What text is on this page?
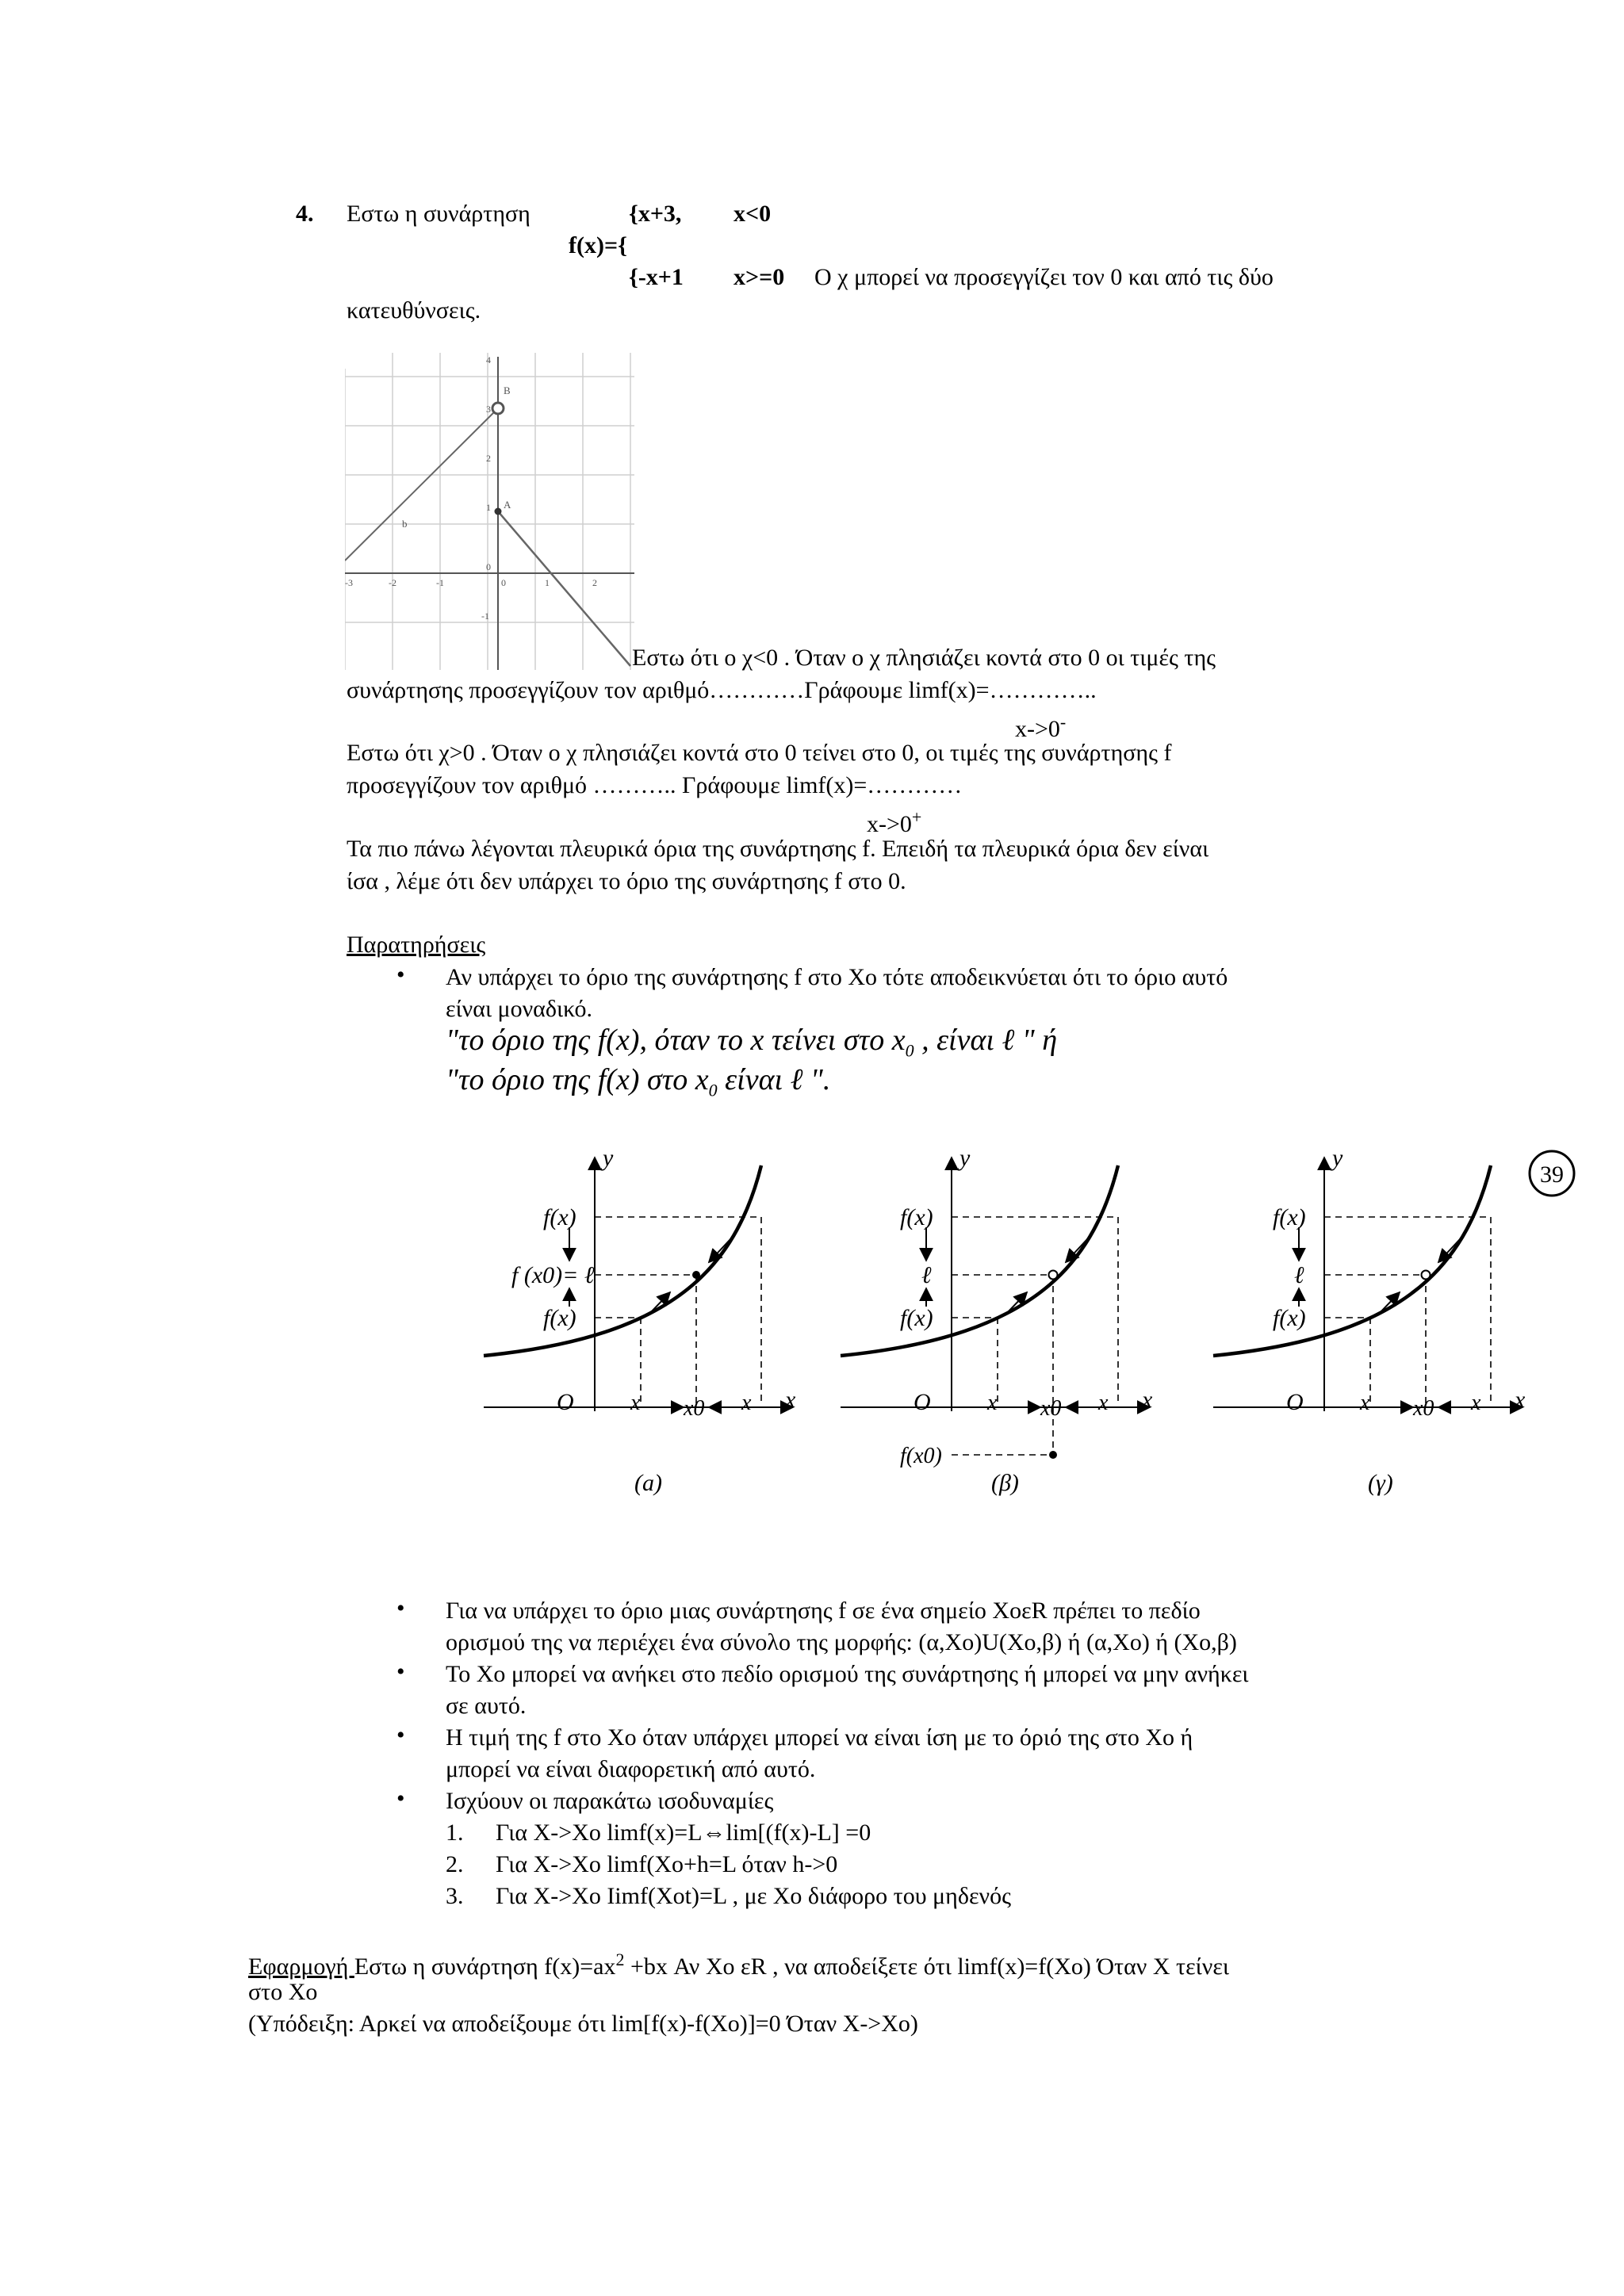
4. Εστω η συνάρτηση	{x+3, x<0
f(x)={
{-x+1 x>=0 Ο χ μπορεί να προσεγγίζει τον 0 και από τις δύο
κατευθύνσεις.
B
A
b
-3	-2	-1	0	1	2
4
3
2
1
0
-1
Εστω ότι ο χ<0 . Όταν ο χ πλησιάζει κοντά στο 0 οι τιμές της
συνάρτησης προσεγγίζουν τον αριθμό…………Γράφουμε limf(x)=…………..
x->0-
Εστω ότι χ>0 . Όταν ο χ πλησιάζει κοντά στο 0 τείνει στο 0, οι τιμές της συνάρτησης f
προσεγγίζουν τον αριθμό ……….. Γράφουμε limf(x)=…………
x->0+
Τα πιο πάνω λέγονται πλευρικά όρια της συνάρτησης f. Επειδή τα πλευρικά όρια δεν είναι
ίσα , λέμε ότι δεν υπάρχει το όριο της συνάρτησης f στο 0.
Παρατηρήσεις
• Αν υπάρχει το όριο της συνάρτησης f στο Xo τότε αποδεικνύεται ότι το όριο αυτό
είναι μοναδικό.
"το όριο της f(x), όταν το x τείνει στο $x_0$ , είναι ℓ " ή
"το όριο της f(x) στο $x_0$ είναι ℓ ".
y
x
O
f(x)
f (x0)= ℓ
f(x)
x x0 x
(a)
y
x
O
f(x)
ℓ
f(x)
f(x0)
x x0 x
(β)
y
x
O
f(x)
ℓ
f(x)
x x0 x
(γ)
39
• Για να υπάρχει το όριο μιας συνάρτησης f σε ένα σημείο XoεR πρέπει το πεδίο
ορισμού της να περιέχει ένα σύνολο της μορφής: (α,Xo)U(Xo,β) ή (α,Xo) ή (Xo,β)
• Το Xo μπορεί να ανήκει στο πεδίο ορισμού της συνάρτησης ή μπορεί να μην ανήκει
σε αυτό.
• Η τιμή της f στο Xo όταν υπάρχει μπορεί να είναι ίση με το όριό της στο Xo ή
μπορεί να είναι διαφορετική από αυτό.
• Ισχύουν οι παρακάτω ισοδυναμίες
1. Για X->Xo limf(x)=L⇔lim[(f(x)-L] =0
2. Για X->Xo limf(Xo+h=L όταν h->0
3. Για X->Xo Iimf(Xot)=L , με Xo διάφορο του μηδενός
Εφαρμογή Εστω η συνάρτηση $f(x)=ax^2 +bx$ Αν Xo εR , να αποδείξετε ότι limf(x)=f(Xo) Όταν X τείνει
στο Xo
(Υπόδειξη: Αρκεί να αποδείξουμε ότι lim[f(x)-f(Xo)]=0 Όταν X->Xo)
